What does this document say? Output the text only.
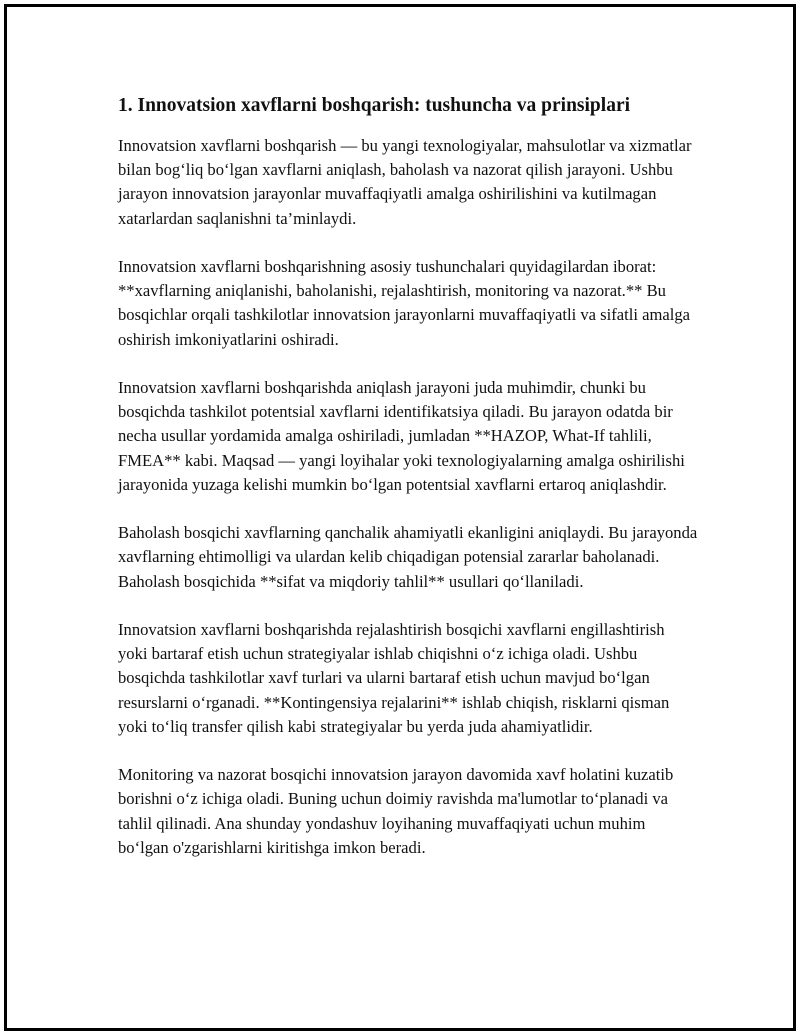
1. Innovatsion xavflarni boshqarish: tushuncha va prinsiplari

Innovatsion xavflarni boshqarish — bu yangi texnologiyalar, mahsulotlar va xizmatlar bilan bog‘liq bo‘lgan xavflarni aniqlash, baholash va nazorat qilish jarayoni. Ushbu jarayon innovatsion jarayonlar muvaffaqiyatli amalga oshirilishini va kutilmagan xatarlardan saqlanishni ta’minlaydi.

Innovatsion xavflarni boshqarishning asosiy tushunchalari quyidagilardan iborat: **xavflarning aniqlanishi, baholanishi, rejalashtirish, monitoring va nazorat.** Bu bosqichlar orqali tashkilotlar innovatsion jarayonlarni muvaffaqiyatli va sifatli amalga oshirish imkoniyatlarini oshiradi.

Innovatsion xavflarni boshqarishda aniqlash jarayoni juda muhimdir, chunki bu bosqichda tashkilot potentsial xavflarni identifikatsiya qiladi. Bu jarayon odatda bir necha usullar yordamida amalga oshiriladi, jumladan **HAZOP, What-If tahlili, FMEA** kabi. Maqsad — yangi loyihalar yoki texnologiyalarning amalga oshirilishi jarayonida yuzaga kelishi mumkin bo‘lgan potentsial xavflarni ertaroq aniqlashdir.

Baholash bosqichi xavflarning qanchalik ahamiyatli ekanligini aniqlaydi. Bu jarayonda xavflarning ehtimolligi va ulardan kelib chiqadigan potensial zararlar baholanadi. Baholash bosqichida **sifat va miqdoriy tahlil** usullari qo‘llaniladi.

Innovatsion xavflarni boshqarishda rejalashtirish bosqichi xavflarni engillashtirish yoki bartaraf etish uchun strategiyalar ishlab chiqishni o‘z ichiga oladi. Ushbu bosqichda tashkilotlar xavf turlari va ularni bartaraf etish uchun mavjud bo‘lgan resurslarni o‘rganadi. **Kontingensiya rejalarini** ishlab chiqish, risklarni qisman yoki to‘liq transfer qilish kabi strategiyalar bu yerda juda ahamiyatlidir.

Monitoring va nazorat bosqichi innovatsion jarayon davomida xavf holatini kuzatib borishni o‘z ichiga oladi. Buning uchun doimiy ravishda ma'lumotlar to‘planadi va tahlil qilinadi. Ana shunday yondashuv loyihaning muvaffaqiyati uchun muhim bo‘lgan o'zgarishlarni kiritishga imkon beradi.
